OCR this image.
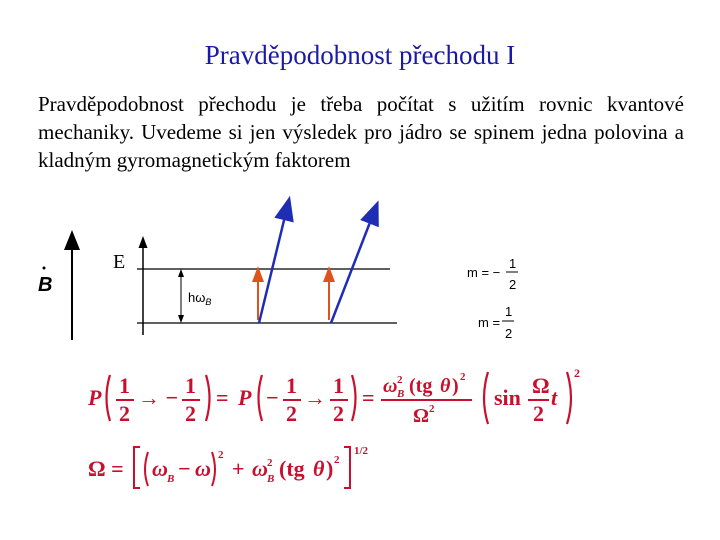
Pravděpodobnost přechodu I
Pravděpodobnost přechodu je třeba počítat s užitím rovnic kvantové mechaniky. Uvedeme si jen výsledek pro jádro se spinem jedna polovina a kladným gyromagnetickým faktorem
B
E
$h\omega_B$
m = −
1
2
m =
1
2
P 1
2
→ − 1
2
= P − 1
2
→ 1
2
= ω 2
B (tg θ ) 2
Ω 2	sin Ω
2
t
2
Ω = ω B − ω
2
+ ω 2
B (tg θ ) 2
1/2
